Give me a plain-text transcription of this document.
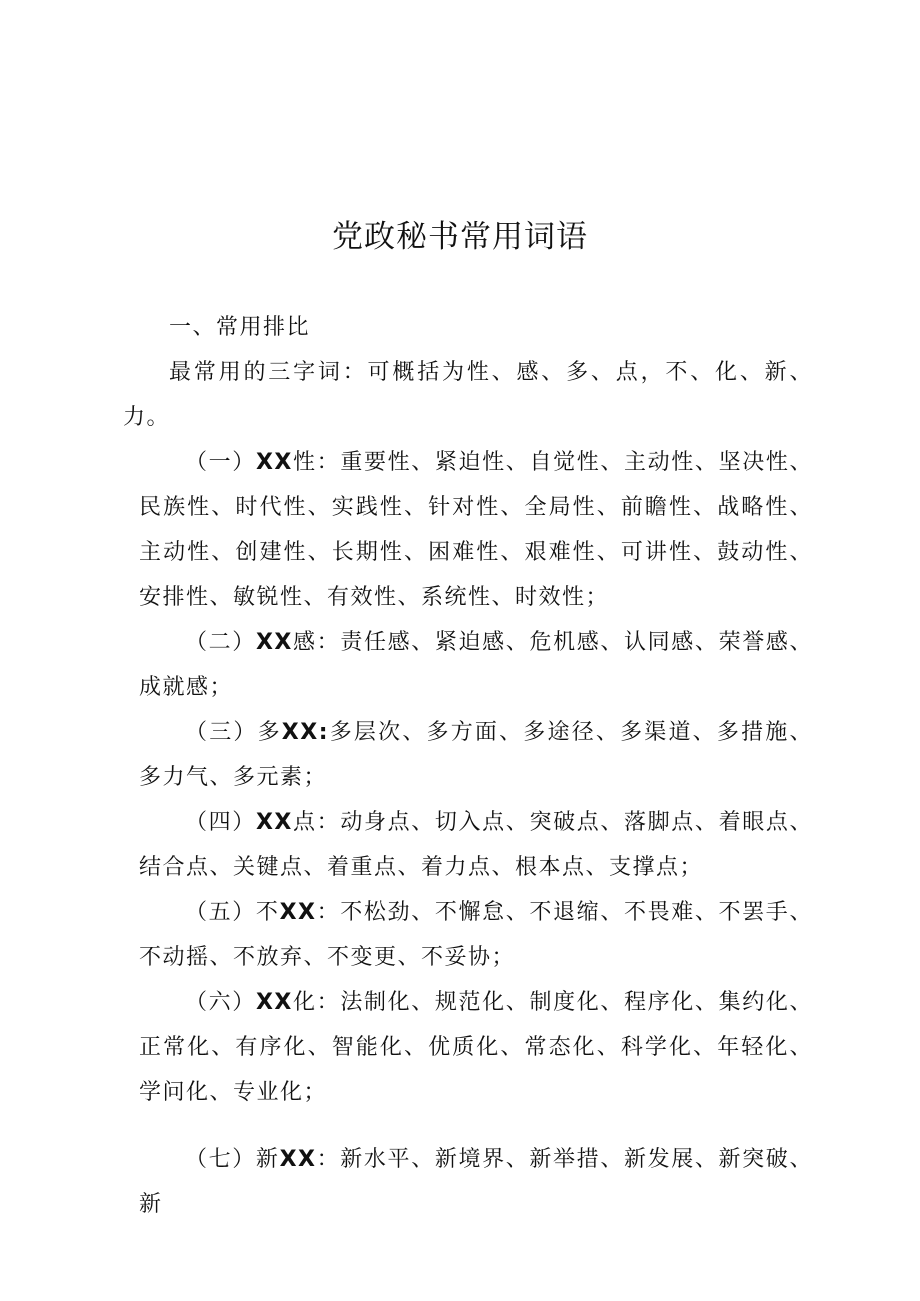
党政秘书常用词语

一、常用排比

最常用的三字词：可概括为性、感、多、点，不、化、新、力。

（一）XX性：重要性、紧迫性、自觉性、主动性、坚决性、民族性、时代性、实践性、针对性、全局性、前瞻性、战略性、主动性、创建性、长期性、困难性、艰难性、可讲性、鼓动性、安排性、敏锐性、有效性、系统性、时效性；

（二）XX感：责任感、紧迫感、危机感、认同感、荣誉感、成就感；

（三）多XX:多层次、多方面、多途径、多渠道、多措施、多力气、多元素；

（四）XX点：动身点、切入点、突破点、落脚点、着眼点、结合点、关键点、着重点、着力点、根本点、支撑点；

（五）不XX：不松劲、不懈怠、不退缩、不畏难、不罢手、不动摇、不放弃、不变更、不妥协；

（六）XX化：法制化、规范化、制度化、程序化、集约化、正常化、有序化、智能化、优质化、常态化、科学化、年轻化、学问化、专业化；

（七）新XX：新水平、新境界、新举措、新发展、新突破、新
